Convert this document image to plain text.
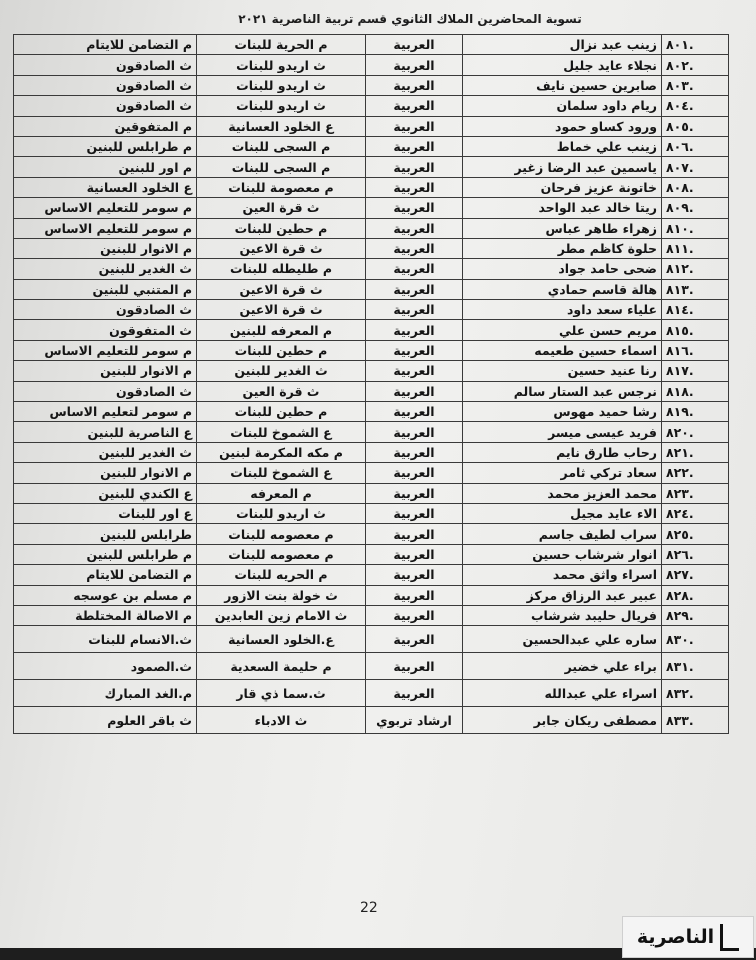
تسوية المحاضرين الملاك الثانوي قسم تربية الناصرية ٢٠٢١
٨٠١.	زينب عبد نزال	العربية	م الحرية للبنات	م التضامن للايتام
٨٠٢.	نجلاء عايد جليل	العربية	ث اريدو للبنات	ث الصادقون
٨٠٣.	صابرين حسين نايف	العربية	ث اريدو للبنات	ث الصادقون
٨٠٤.	ريام داود سلمان	العربية	ث اريدو للبنات	ث الصادقون
٨٠٥.	ورود كساو حمود	العربية	ع الخلود العسانية	م المتفوقين
٨٠٦.	زينب علي خماط	العربية	م السجى للبنات	م طرابلس للبنين
٨٠٧.	ياسمين عبد الرضا زغير	العربية	م السجى للبنات	م اور للبنين
٨٠٨.	خاتونة عزيز فرحان	العربية	م معصومة للبنات	ع الخلود العسانية
٨٠٩.	ريتا خالد عبد الواحد	العربية	ث قرة العين	م سومر للتعليم الاساس
٨١٠.	زهراء طاهر عباس	العربية	م حطين للبنات	م سومر للتعليم الاساس
٨١١.	حلوة كاظم مطر	العربية	ث قرة الاعين	م الانوار للبنين
٨١٢.	ضحى حامد جواد	العربية	م طليطله للبنات	ث الغدير للبنين
٨١٣.	هالة قاسم حمادي	العربية	ث قرة الاعين	م المتنبي للبنين
٨١٤.	علياء سعد داود	العربية	ث قرة الاعين	ث الصادقون
٨١٥.	مريم حسن علي	العربية	م المعرفه للبنين	ث المتفوقون
٨١٦.	اسماء حسين طعيمه	العربية	م حطين للبنات	م سومر للتعليم الاساس
٨١٧.	رنا عنيد حسين	العربية	ث الغدير للبنين	م الانوار للبنين
٨١٨.	نرجس عبد الستار سالم	العربية	ث قرة العين	ث الصادقون
٨١٩.	رشا حميد مهوس	العربية	م حطين للبنات	م سومر لتعليم الاساس
٨٢٠.	فريد عيسى ميسر	العربية	ع الشموخ للبنات	ع الناصرية للبنين
٨٢١.	رحاب طارق نايم	العربية	م مكه المكرمة لبنين	ث الغدير للبنين
٨٢٢.	سعاد تركي ثامر	العربية	ع الشموخ للبنات	م الانوار للبنين
٨٢٣.	محمد العزيز محمد	العربية	م المعرفه	ع الكندي للبنين
٨٢٤.	الاء عايد مجيل	العربية	ث اريدو للبنات	ع اور للبنات
٨٢٥.	سراب لطيف جاسم	العربية	م معصومه للبنات	طرابلس للبنين
٨٢٦.	انوار شرشاب حسين	العربية	م معصومه للبنات	م طرابلس للبنين
٨٢٧.	اسراء واثق محمد	العربية	م الحريه للبنات	م التضامن للايتام
٨٢٨.	عبير عبد الرزاق مركز	العربية	ث خولة بنت الازور	م مسلم بن عوسجه
٨٢٩.	فريال حليبد شرشاب	العربية	ث الامام زين العابدين	م الاصالة المختلطة
٨٣٠.	ساره علي عبدالحسين	العربية	ع.الخلود العسانية	ث.الانسام للبنات
٨٣١.	براء علي خضير	العربية	م حليمة السعدية	ث.الصمود
٨٣٢.	اسراء علي عبدالله	العربية	ث.سما ذي قار	م.الغد المبارك
٨٣٣.	مصطفى ريكان جابر	ارشاد تربوي	ث الادباء	ث باقر العلوم
22
الناصرية
